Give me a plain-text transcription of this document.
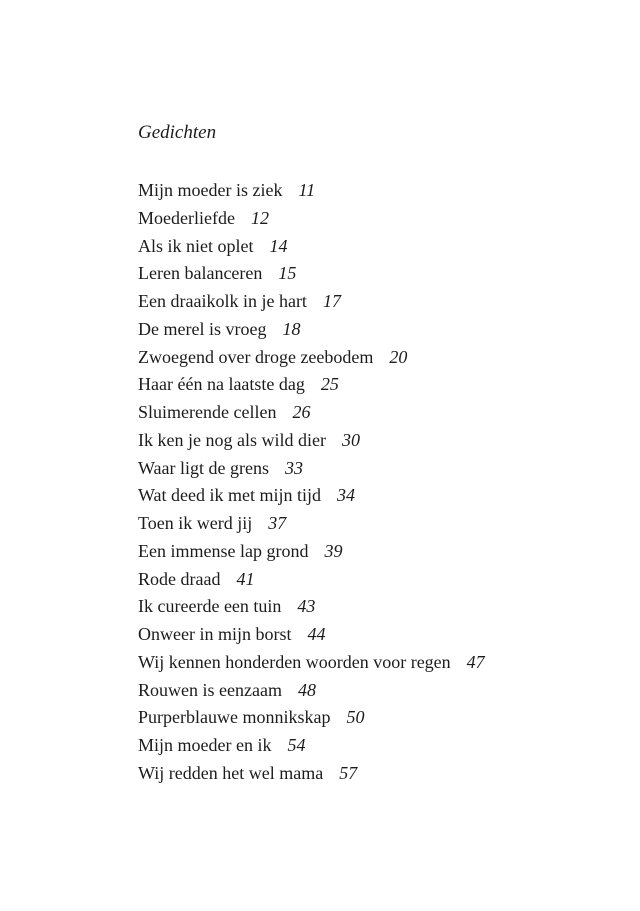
Gedichten
Mijn moeder is ziek 11
Moederliefde 12
Als ik niet oplet 14
Leren balanceren 15
Een draaikolk in je hart 17
De merel is vroeg 18
Zwoegend over droge zeebodem 20
Haar één na laatste dag 25
Sluimerende cellen 26
Ik ken je nog als wild dier 30
Waar ligt de grens 33
Wat deed ik met mijn tijd 34
Toen ik werd jij 37
Een immense lap grond 39
Rode draad 41
Ik cureerde een tuin 43
Onweer in mijn borst 44
Wij kennen honderden woorden voor regen 47
Rouwen is eenzaam 48
Purperblauwe monnikskap 50
Mijn moeder en ik 54
Wij redden het wel mama 57
